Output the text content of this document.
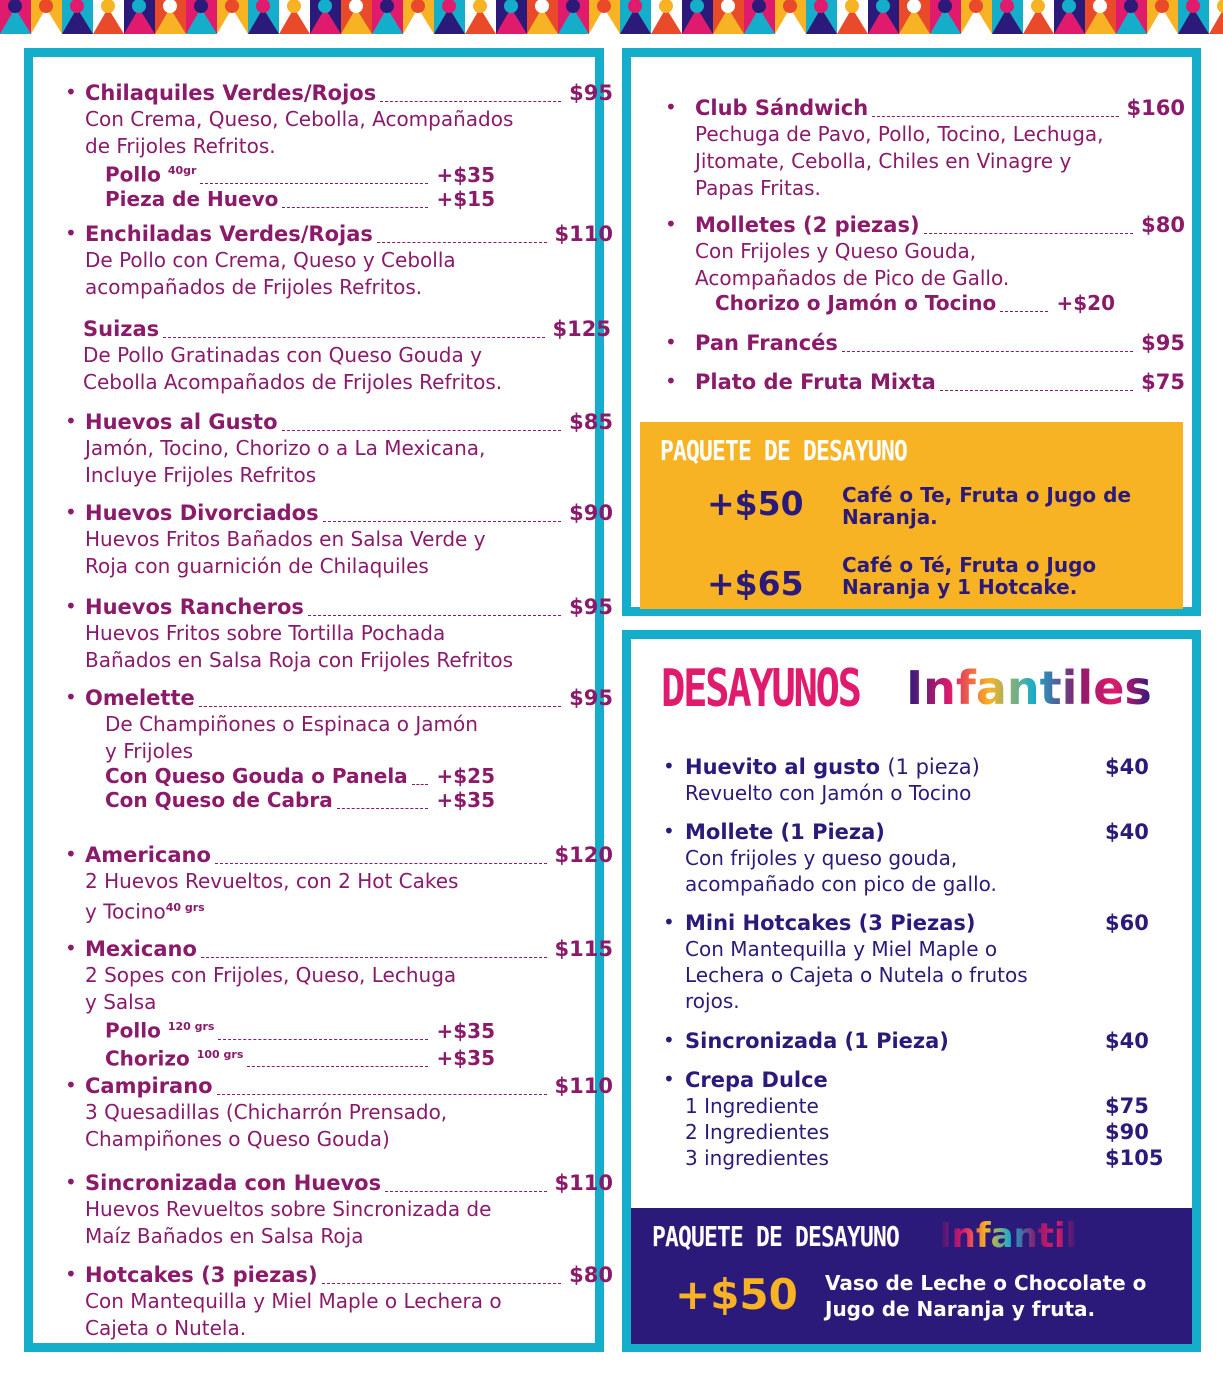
• Chilaquiles Verdes/Rojos	$95
Con Crema, Queso, Cebolla, Acompañados
de Frijoles Refritos.
Pollo $^{40gr}$	+$35
Pieza de Huevo	+$15
• Enchiladas Verdes/Rojas	$110
De Pollo con Crema, Queso y Cebolla
acompañados de Frijoles Refritos.
Suizas	$125
De Pollo Gratinadas con Queso Gouda y
Cebolla Acompañados de Frijoles Refritos.
• Huevos al Gusto	$85
Jamón, Tocino, Chorizo o a La Mexicana,
Incluye Frijoles Refritos
• Huevos Divorciados	$90
Huevos Fritos Bañados en Salsa Verde y
Roja con guarnición de Chilaquiles
• Huevos Rancheros	$95
Huevos Fritos sobre Tortilla Pochada
Bañados en Salsa Roja con Frijoles Refritos
• Omelette	$95
De Champiñones o Espinaca o Jamón
y Frijoles
Con Queso Gouda o Panela +$25
Con Queso de Cabra	+$35
• Americano	$120
2 Huevos Revueltos, con 2 Hot Cakes
y Tocino$^{40 grs}$
• Mexicano	$115
2 Sopes con Frijoles, Queso, Lechuga
y Salsa
Pollo $^{120 grs}$	+$35
Chorizo $^{100 grs}$	+$35
• Campirano	$110
3 Quesadillas (Chicharrón Prensado,
Champiñones o Queso Gouda)
• Sincronizada con Huevos	$110
Huevos Revueltos sobre Sincronizada de
Maíz Bañados en Salsa Roja
• Hotcakes (3 piezas)	$80
Con Mantequilla y Miel Maple o Lechera o
Cajeta o Nutela.
• Club Sándwich	$160
Pechuga de Pavo, Pollo, Tocino, Lechuga,
Jitomate, Cebolla, Chiles en Vinagre y
Papas Fritas.
• Molletes (2 piezas)	$80
Con Frijoles y Queso Gouda,
Acompañados de Pico de Gallo.
Chorizo o Jamón o Tocino	+$20
• Pan Francés	$95
• Plato de Fruta Mixta	$75
PAQUETE DE DESAYUNO
+$50 Café o Te, Fruta o Jugo de Naranja.
+$65 Café o Té, Fruta o Jugo Naranja y 1 Hotcake.
DESAYUNOS Infantiles
• Huevito al gusto (1 pieza)	$40
Revuelto con Jamón o Tocino
• Mollete (1 Pieza)	$40
Con frijoles y queso gouda,
acompañado con pico de gallo.
• Mini Hotcakes (3 Piezas)	$60
Con Mantequilla y Miel Maple o
Lechera o Cajeta o Nutela o frutos
rojos.
• Sincronizada (1 Pieza)	$40
• Crepa Dulce
1 Ingrediente	$75
2 Ingredientes	$90
3 ingredientes	$105
PAQUETE DE DESAYUNO Infantil
+$50 Vaso de Leche o Chocolate o Jugo de Naranja y fruta.
